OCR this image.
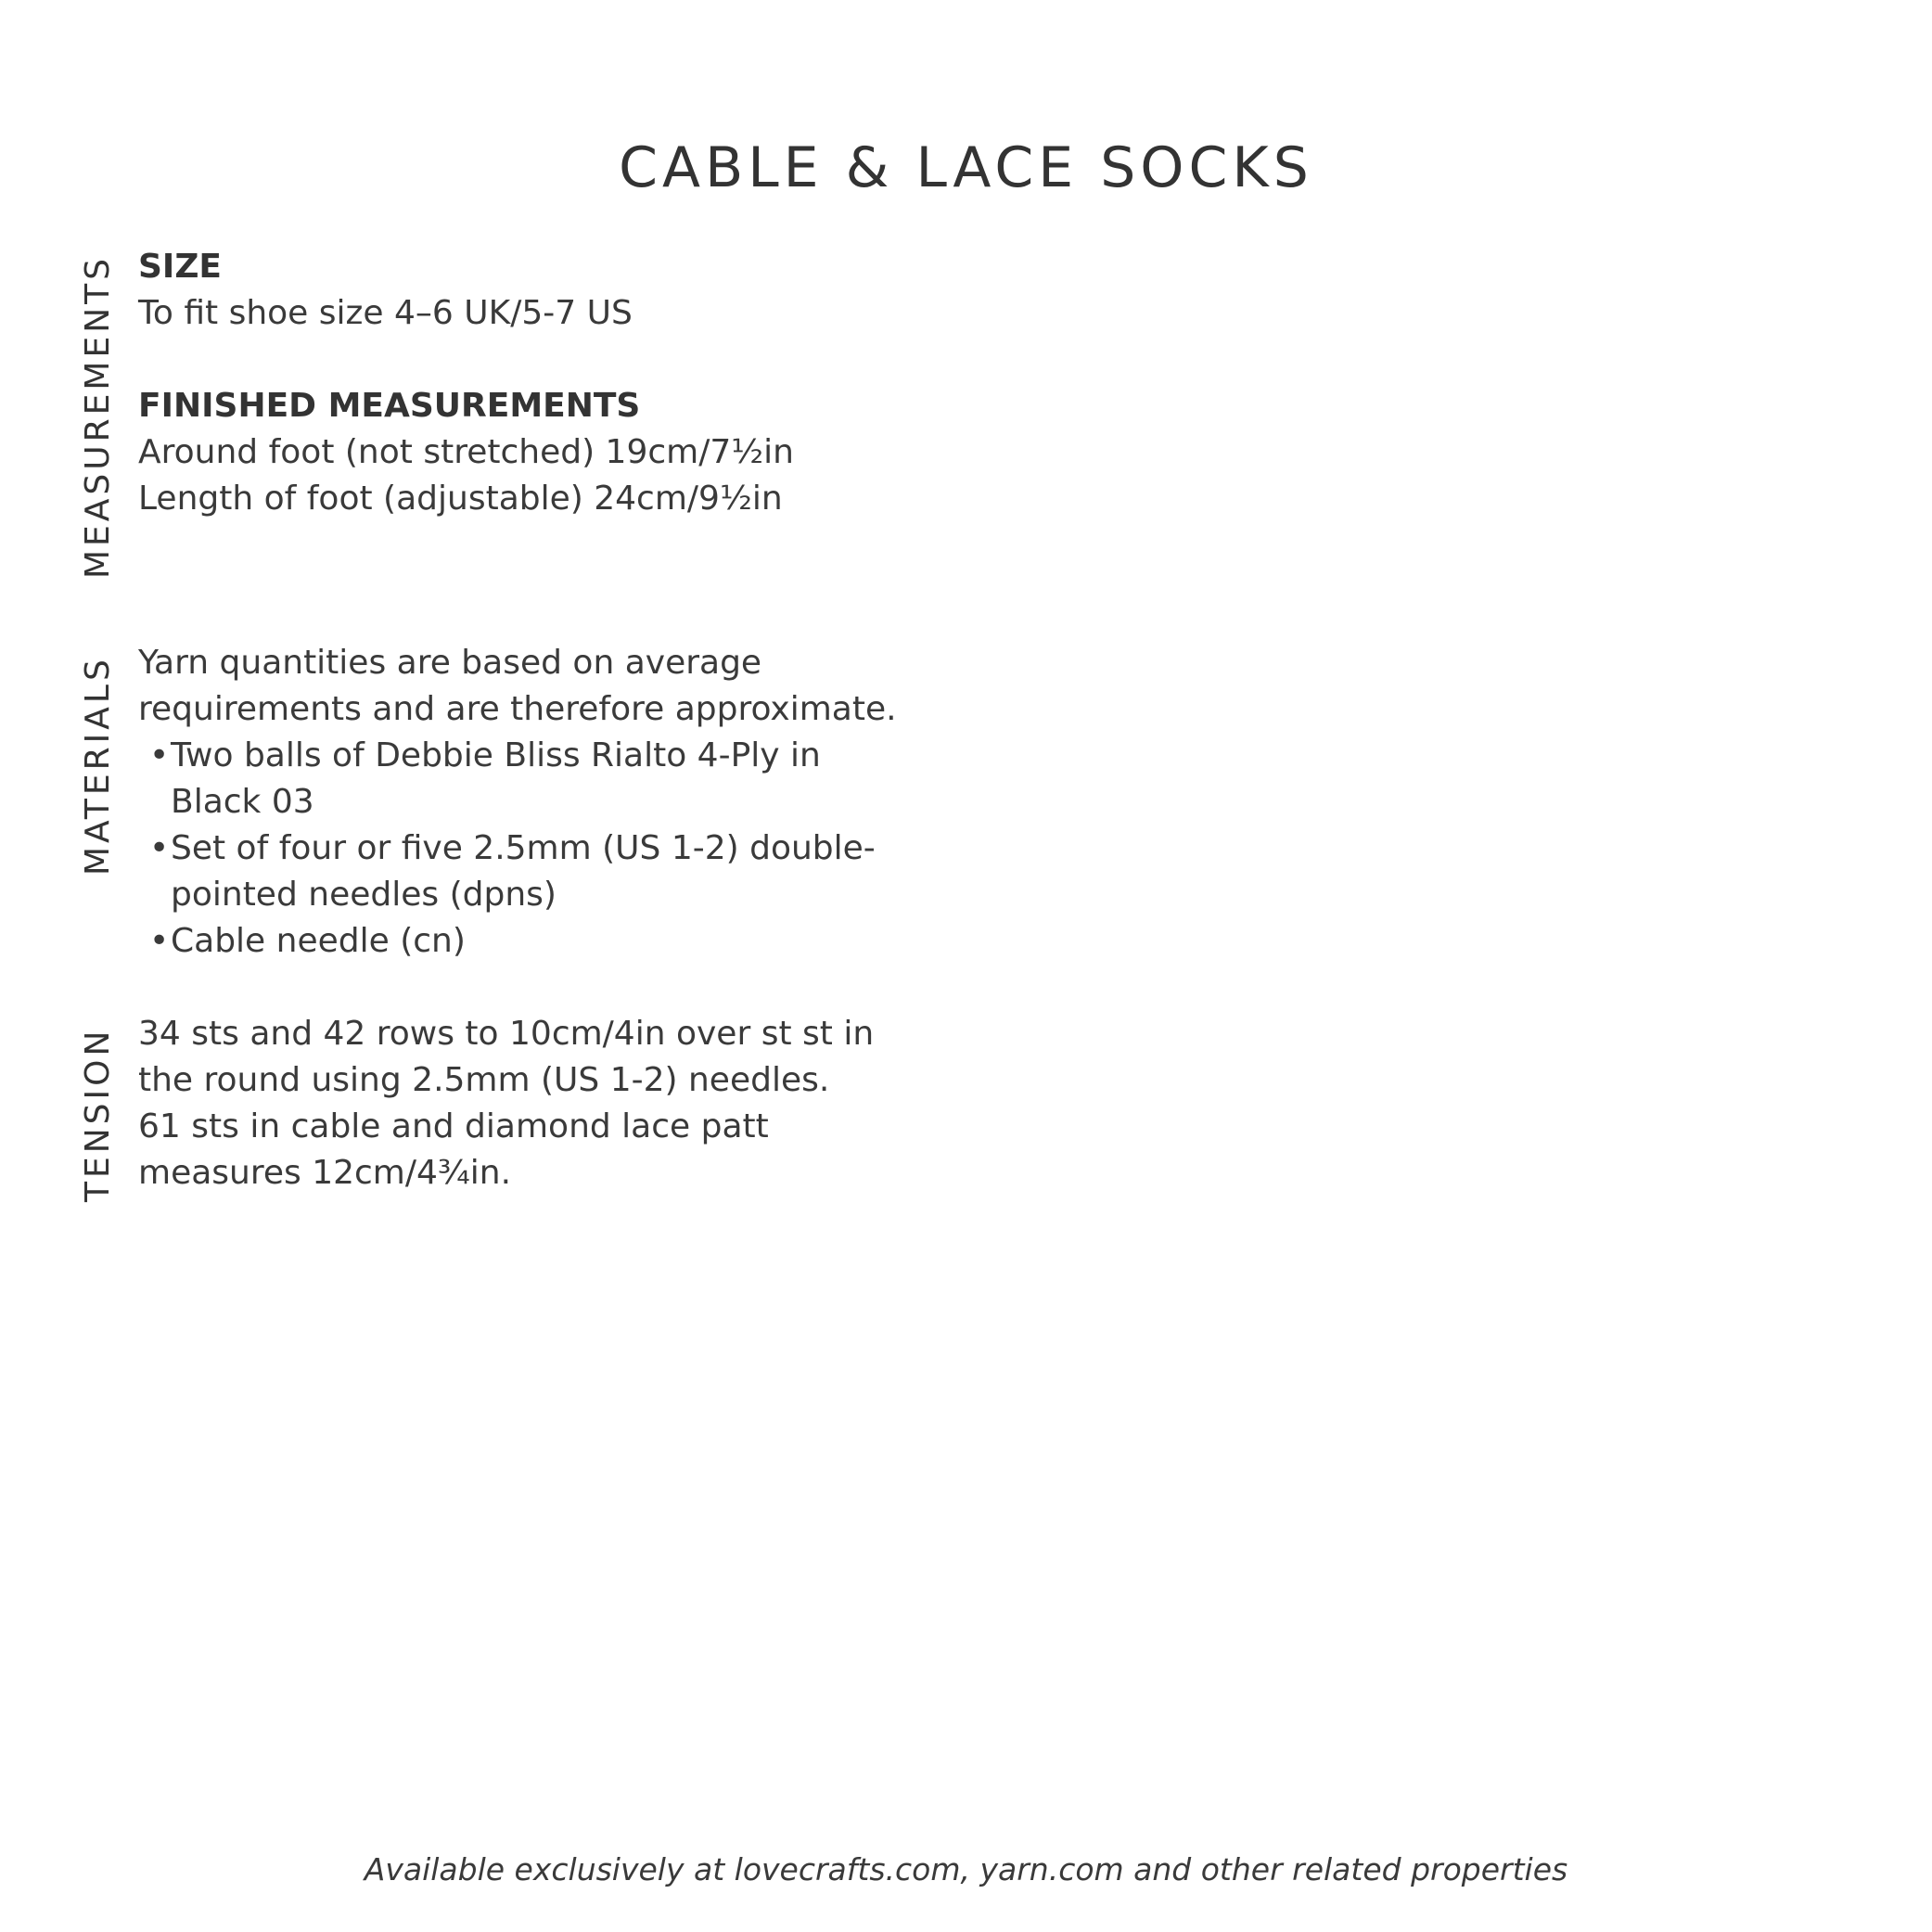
CABLE & LACE SOCKS
MEASUREMENTS SIZE
To fit shoe size 4–6 UK/5-7 US
FINISHED MEASUREMENTS
Around foot (not stretched) 19cm/7½in
Length of foot (adjustable) 24cm/9½in
MATERIALS Yarn quantities are based on average
requirements and are therefore approximate.
• Two balls of Debbie Bliss Rialto 4-Ply in
Black 03
• Set of four or five 2.5mm (US 1-2) double-
pointed needles (dpns)
• Cable needle (cn)
TENSION 34 sts and 42 rows to 10cm/4in over st st in
the round using 2.5mm (US 1-2) needles.
61 sts in cable and diamond lace patt
measures 12cm/4¾in.
Available exclusively at lovecrafts.com, yarn.com and other related properties
